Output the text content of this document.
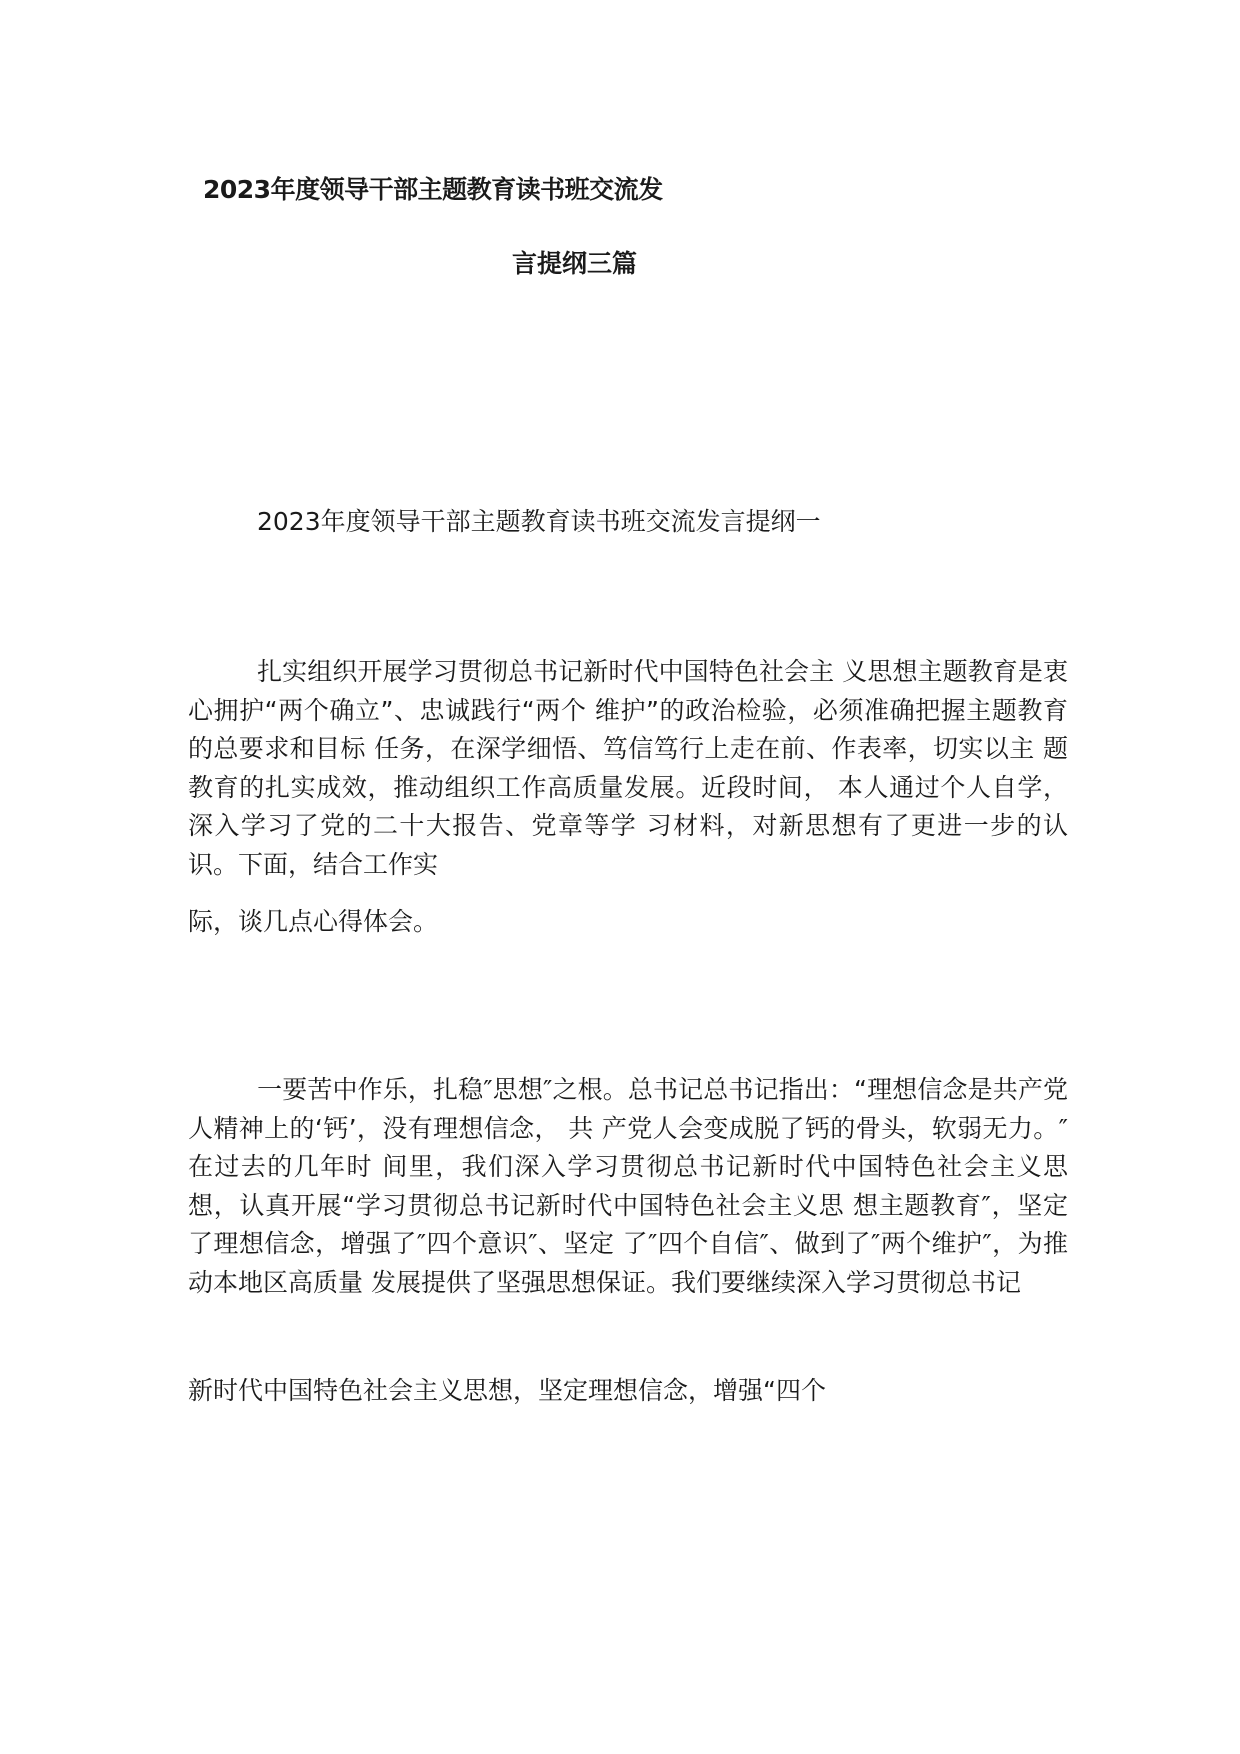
2023年度领导干部主题教育读书班交流发
言提纲三篇
2023年度领导干部主题教育读书班交流发言提纲一
扎实组织开展学习贯彻总书记新时代中国特色社会主 义思想主题教育是衷心拥护“两个确立”、忠诚践行“两个 维护”的政治检验，必须准确把握主题教育的总要求和目标 任务，在深学细悟、笃信笃行上走在前、作表率，切实以主 题教育的扎实成效，推动组织工作高质量发展。近段时间， 本人通过个人自学，深入学习了党的二十大报告、党章等学 习材料，对新思想有了更进一步的认识。下面，结合工作实
际，谈几点心得体会。
一要苦中作乐，扎稳″思想″之根。总书记总书记指出：“理想信念是共产党人精神上的‘钙’，没有理想信念， 共 产党人会变成脱了钙的骨头，软弱无力。″在过去的几年时 间里，我们深入学习贯彻总书记新时代中国特色社会主义思 想，认真开展“学习贯彻总书记新时代中国特色社会主义思 想主题教育″，坚定了理想信念，增强了″四个意识″、坚定 了″四个自信″、做到了″两个维护″，为推动本地区高质量 发展提供了坚强思想保证。我们要继续深入学习贯彻总书记
新时代中国特色社会主义思想，坚定理想信念，增强“四个
